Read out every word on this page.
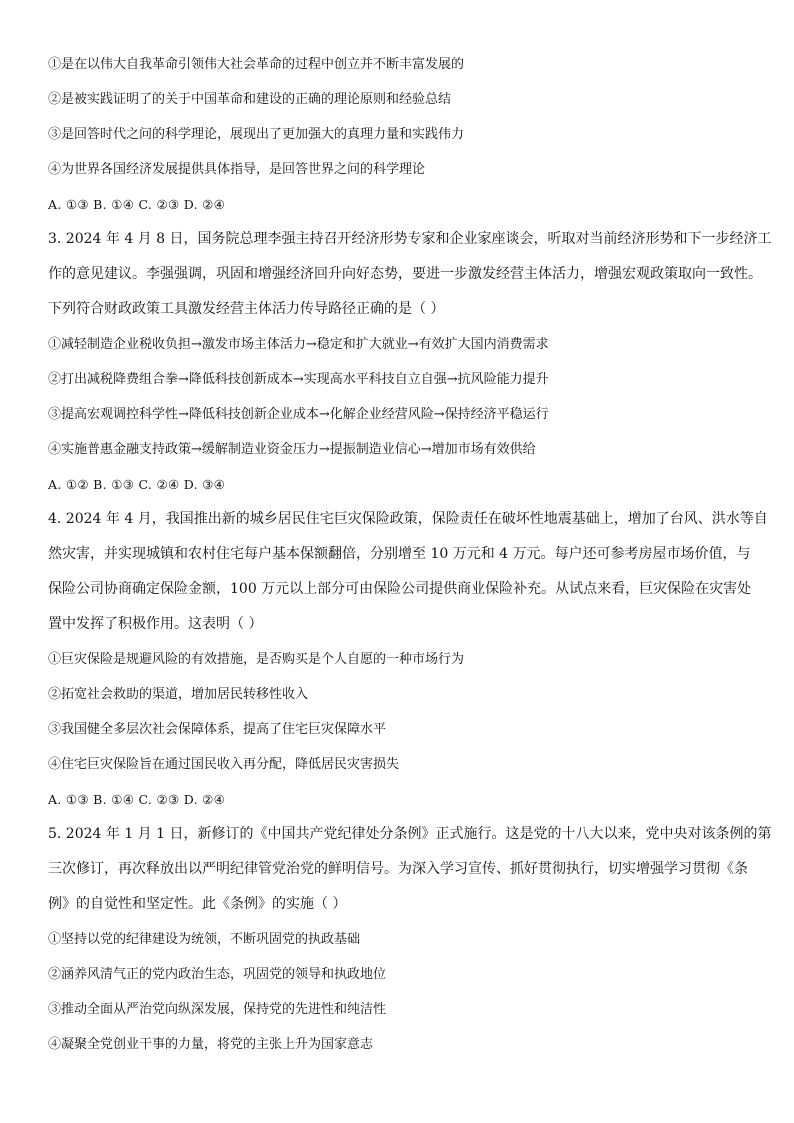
①是在以伟大自我革命引领伟大社会革命的过程中创立并不断丰富发展的
②是被实践证明了的关于中国革命和建设的正确的理论原则和经验总结
③是回答时代之问的科学理论，展现出了更加强大的真理力量和实践伟力
④为世界各国经济发展提供具体指导，是回答世界之问的科学理论
A. ①③ B. ①④ C. ②③ D. ②④
3. 2024 年 4 月 8 日，国务院总理李强主持召开经济形势专家和企业家座谈会，听取对当前经济形势和下一步经济工
作的意见建议。李强强调，巩固和增强经济回升向好态势，要进一步激发经营主体活力，增强宏观政策取向一致性。
下列符合财政政策工具激发经营主体活力传导路径正确的是（ ）
①减轻制造企业税收负担→激发市场主体活力→稳定和扩大就业→有效扩大国内消费需求
②打出减税降费组合拳→降低科技创新成本→实现高水平科技自立自强→抗风险能力提升
③提高宏观调控科学性→降低科技创新企业成本→化解企业经营风险→保持经济平稳运行
④实施普惠金融支持政策→缓解制造业资金压力→提振制造业信心→增加市场有效供给
A. ①② B. ①③ C. ②④ D. ③④
4. 2024 年 4 月，我国推出新的城乡居民住宅巨灾保险政策，保险责任在破坏性地震基础上，增加了台风、洪水等自
然灾害，并实现城镇和农村住宅每户基本保额翻倍，分别增至 10 万元和 4 万元。每户还可参考房屋市场价值，与
保险公司协商确定保险金额，100 万元以上部分可由保险公司提供商业保险补充。从试点来看，巨灾保险在灾害处
置中发挥了积极作用。这表明（ ）
①巨灾保险是规避风险的有效措施，是否购买是个人自愿的一种市场行为
②拓宽社会救助的渠道，增加居民转移性收入
③我国健全多层次社会保障体系，提高了住宅巨灾保障水平
④住宅巨灾保险旨在通过国民收入再分配，降低居民灾害损失
A. ①③ B. ①④ C. ②③ D. ②④
5. 2024 年 1 月 1 日，新修订的《中国共产党纪律处分条例》正式施行。这是党的十八大以来，党中央对该条例的第
三次修订，再次释放出以严明纪律管党治党的鲜明信号。为深入学习宣传、抓好贯彻执行，切实增强学习贯彻《条
例》的自觉性和坚定性。此《条例》的实施（ ）
①坚持以党的纪律建设为统领，不断巩固党的执政基础
②涵养风清气正的党内政治生态，巩固党的领导和执政地位
③推动全面从严治党向纵深发展，保持党的先进性和纯洁性
④凝聚全党创业干事的力量，将党的主张上升为国家意志
